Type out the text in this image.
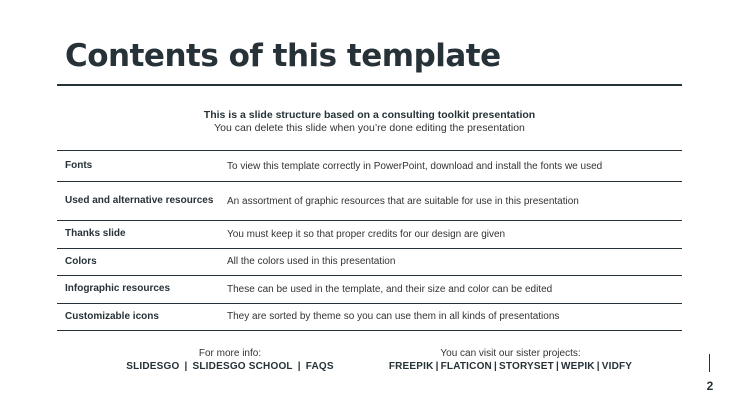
Contents of this template
This is a slide structure based on a consulting toolkit presentation
You can delete this slide when you’re done editing the presentation
Fonts	To view this template correctly in PowerPoint, download and install the fonts we used
Used and alternative resources	An assortment of graphic resources that are suitable for use in this presentation
Thanks slide	You must keep it so that proper credits for our design are given
Colors	All the colors used in this presentation
Infographic resources	These can be used in the template, and their size and color can be edited
Customizable icons	They are sorted by theme so you can use them in all kinds of presentations
For more info:
SLIDESGO | SLIDESGO SCHOOL | FAQS
You can visit our sister projects:
FREEPIK | FLATICON | STORYSET | WEPIK | VIDFY
2
